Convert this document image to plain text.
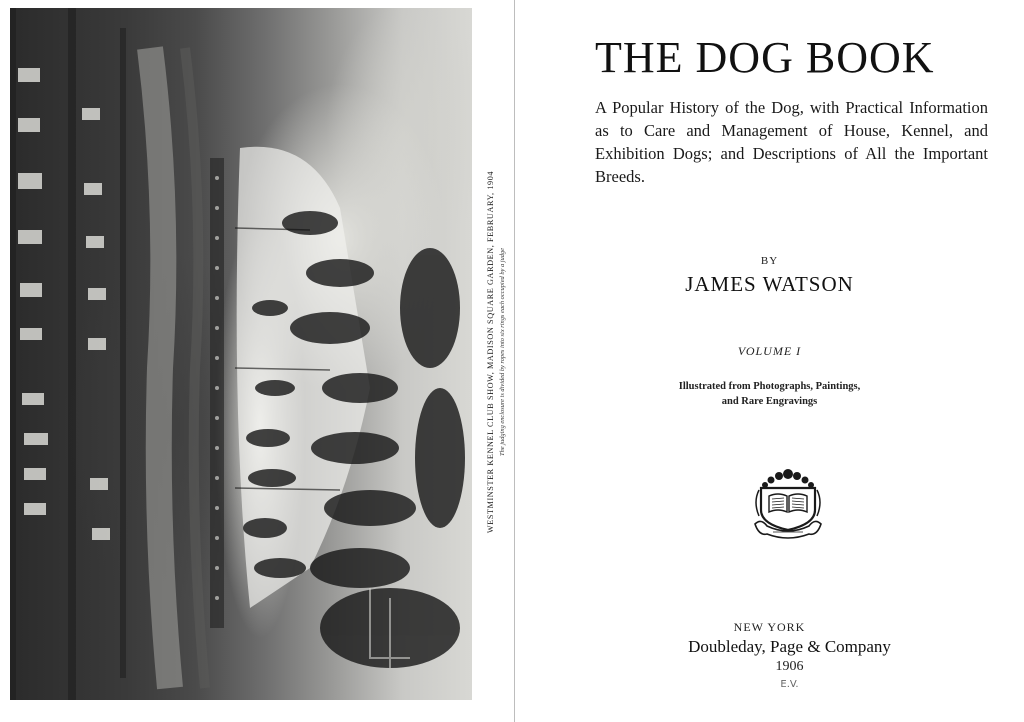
WESTMINSTER KENNEL CLUB SHOW, MADISON SQUARE GARDEN, FEBRUARY, 1904 The judging enclosure is divided by ropes into six rings each occupied by a judge
THE DOG BOOK

A Popular History of the Dog, with Practical Information as to Care and Management of House, Kennel, and Exhibition Dogs; and Descriptions of All the Important Breeds.

BY
JAMES WATSON
VOLUME I
Illustrated from Photographs, Paintings,
and Rare Engravings
NEW YORK
Doubleday, Page & Company
1906
E.V.
